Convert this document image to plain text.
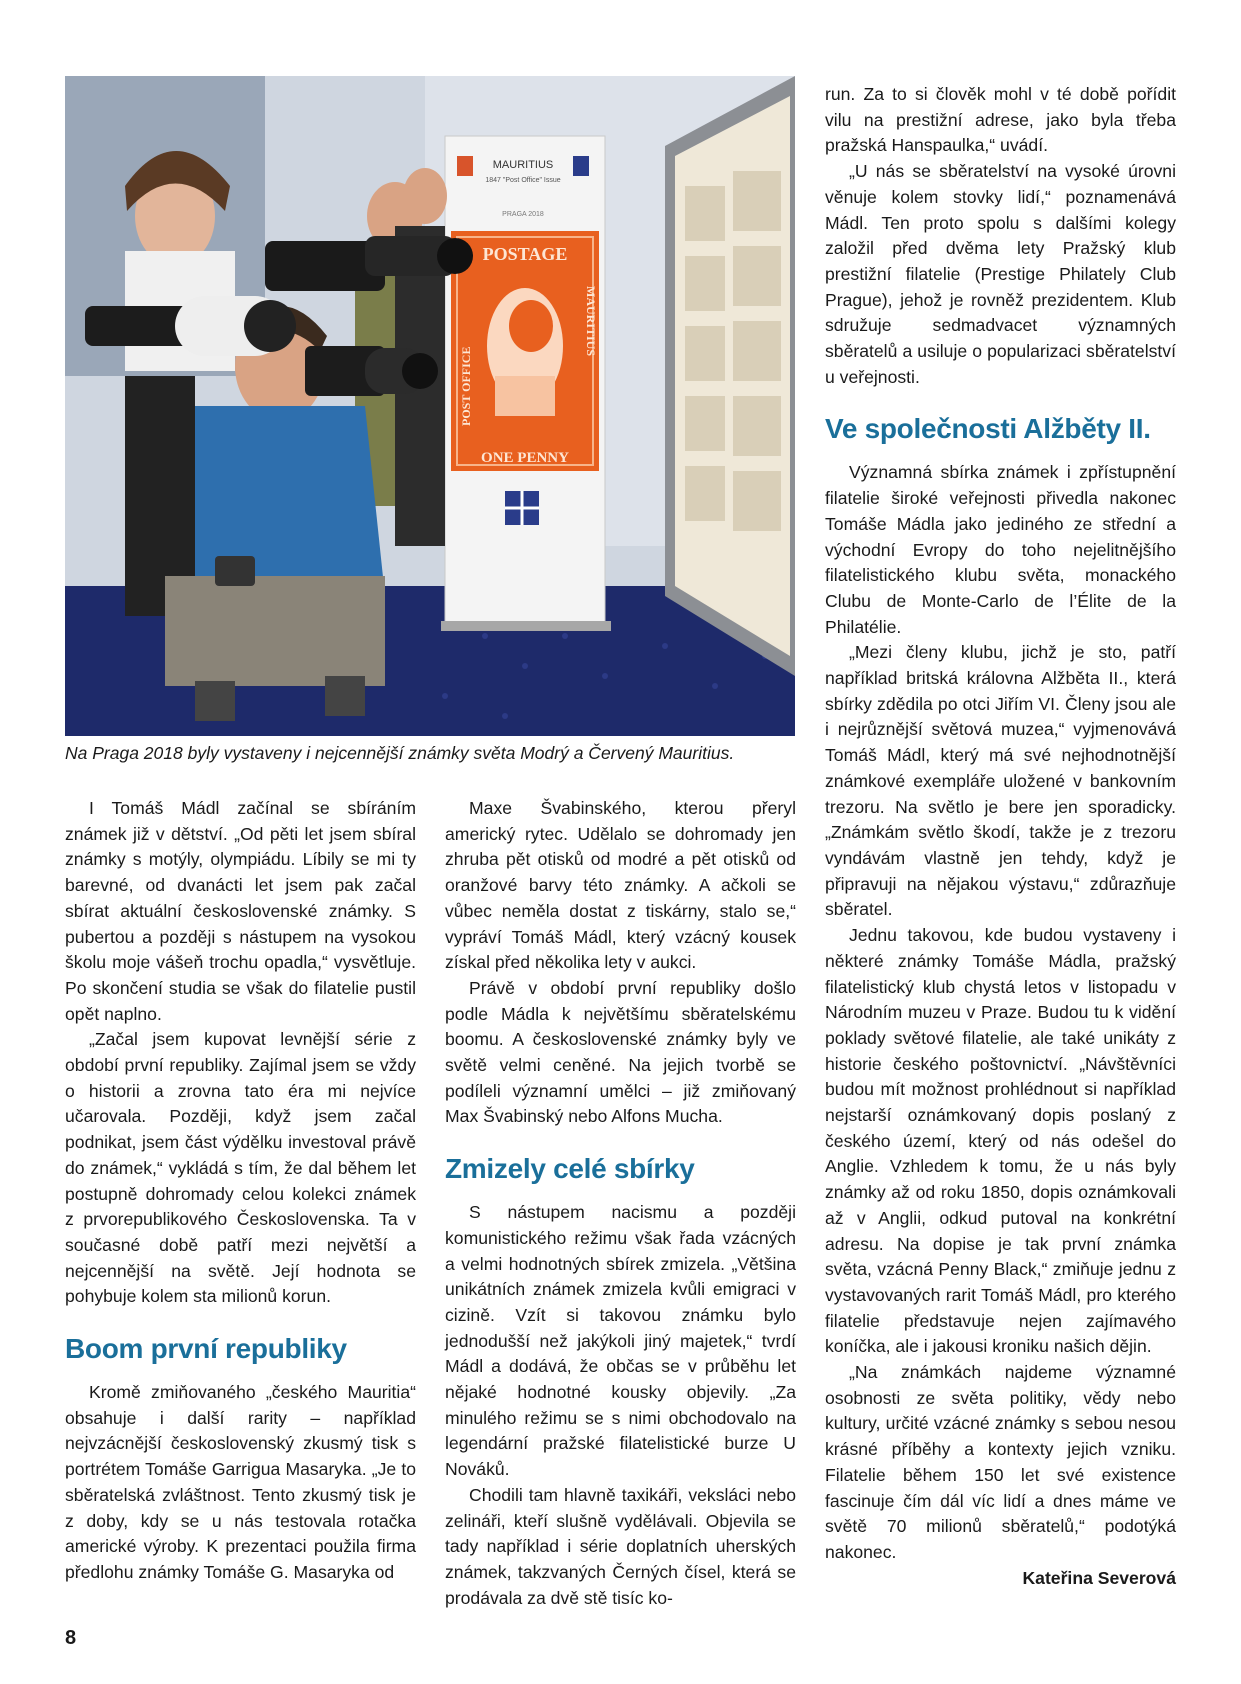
MAURITIUS
1847 "Post Office" Issue
PRAGA 2018
POSTAGE
ONE PENNY
POST OFFICE
MAURITIUS
Na Praga 2018 byly vystaveny i nejcennější známky světa Modrý a Červený Mauritius.

I Tomáš Mádl začínal se sbíráním známek již v dětství. „Od pěti let jsem sbíral známky s motýly, olympiádu. Líbily se mi ty barevné, od dvanácti let jsem pak začal sbírat aktuální československé známky. S pubertou a později s nástupem na vysokou školu moje vášeň trochu opadla,“ vysvětluje. Po skončení studia se však do filatelie pustil opět naplno.

„Začal jsem kupovat levnější série z období první republiky. Zajímal jsem se vždy o historii a zrovna tato éra mi nejvíce učarovala. Později, když jsem začal podnikat, jsem část výdělku investoval právě do známek,“ vykládá s tím, že dal během let postupně dohromady celou kolekci známek z prvorepublikového Československa. Ta v současné době patří mezi největší a nejcennější na světě. Její hodnota se pohybuje kolem sta milionů korun.

Boom první republiky

Kromě zmiňovaného „českého Mauritia“ obsahuje i další rarity – například nejvzácnější československý zkusmý tisk s portrétem Tomáše Garrigua Masaryka. „Je to sběratelská zvláštnost. Tento zkusmý tisk je z doby, kdy se u nás testovala rotačka americké výroby. K prezentaci použila firma předlohu známky Tomáše G. Masaryka od

Maxe Švabinského, kterou přeryl americký rytec. Udělalo se dohromady jen zhruba pět otisků od modré a pět otisků od oranžové barvy této známky. A ačkoli se vůbec neměla dostat z tiskárny, stalo se,“ vypráví Tomáš Mádl, který vzácný kousek získal před několika lety v aukci.

Právě v období první republiky došlo podle Mádla k největšímu sběratelskému boomu. A československé známky byly ve světě velmi ceněné. Na jejich tvorbě se podíleli významní umělci – již zmiňovaný Max Švabinský nebo Alfons Mucha.

Zmizely celé sbírky

S nástupem nacismu a později komunistického režimu však řada vzácných a velmi hodnotných sbírek zmizela. „Většina unikátních známek zmizela kvůli emigraci v cizině. Vzít si takovou známku bylo jednodušší než jakýkoli jiný majetek,“ tvrdí Mádl a dodává, že občas se v průběhu let nějaké hodnotné kousky objevily. „Za minulého režimu se s nimi obchodovalo na legendární pražské filatelistické burze U Nováků.

Chodili tam hlavně taxikáři, veksláci nebo zelináři, kteří slušně vydělávali. Objevila se tady například i série doplatních uherských známek, takzvaných Černých čísel, která se prodávala za dvě stě tisíc ko-

run. Za to si člověk mohl v té době pořídit vilu na prestižní adrese, jako byla třeba pražská Hanspaulka,“ uvádí.

„U nás se sběratelství na vysoké úrovni věnuje kolem stovky lidí,“ poznamenává Mádl. Ten proto spolu s dalšími kolegy založil před dvěma lety Pražský klub prestižní filatelie (Prestige Philately Club Prague), jehož je rovněž prezidentem. Klub sdružuje sedmadvacet významných sběratelů a usiluje o popularizaci sběratelství u veřejnosti.

Ve společnosti Alžběty II.

Významná sbírka známek i zpřístupnění filatelie široké veřejnosti přivedla nakonec Tomáše Mádla jako jediného ze střední a východní Evropy do toho nejelitnějšího filatelistického klubu světa, monackého Clubu de Monte-Carlo de l’Élite de la Philatélie.

„Mezi členy klubu, jichž je sto, patří například britská královna Alžběta II., která sbírky zdědila po otci Jiřím VI. Členy jsou ale i nejrůznější světová muzea,“ vyjmenovává Tomáš Mádl, který má své nejhodnotnější známkové exempláře uložené v bankovním trezoru. Na světlo je bere jen sporadicky. „Známkám světlo škodí, takže je z trezoru vyndávám vlastně jen tehdy, když je připravuji na nějakou výstavu,“ zdůrazňuje sběratel.

Jednu takovou, kde budou vystaveny i některé známky Tomáše Mádla, pražský filatelistický klub chystá letos v listopadu v Národním muzeu v Praze. Budou tu k vidění poklady světové filatelie, ale také unikáty z historie českého poštovnictví. „Návštěvníci budou mít možnost prohlédnout si například nejstarší oznámkovaný dopis poslaný z českého území, který od nás odešel do Anglie. Vzhledem k tomu, že u nás byly známky až od roku 1850, dopis oznámkovali až v Anglii, odkud putoval na konkrétní adresu. Na dopise je tak první známka světa, vzácná Penny Black,“ zmiňuje jednu z vystavovaných rarit Tomáš Mádl, pro kterého filatelie představuje nejen zajímavého koníčka, ale i jakousi kroniku našich dějin.

„Na známkách najdeme významné osobnosti ze světa politiky, vědy nebo kultury, určité vzácné známky s sebou nesou krásné příběhy a kontexty jejich vzniku. Filatelie během 150 let své existence fascinuje čím dál víc lidí a dnes máme ve světě 70 milionů sběratelů,“ podotýká nakonec.

Kateřina Severová
8
